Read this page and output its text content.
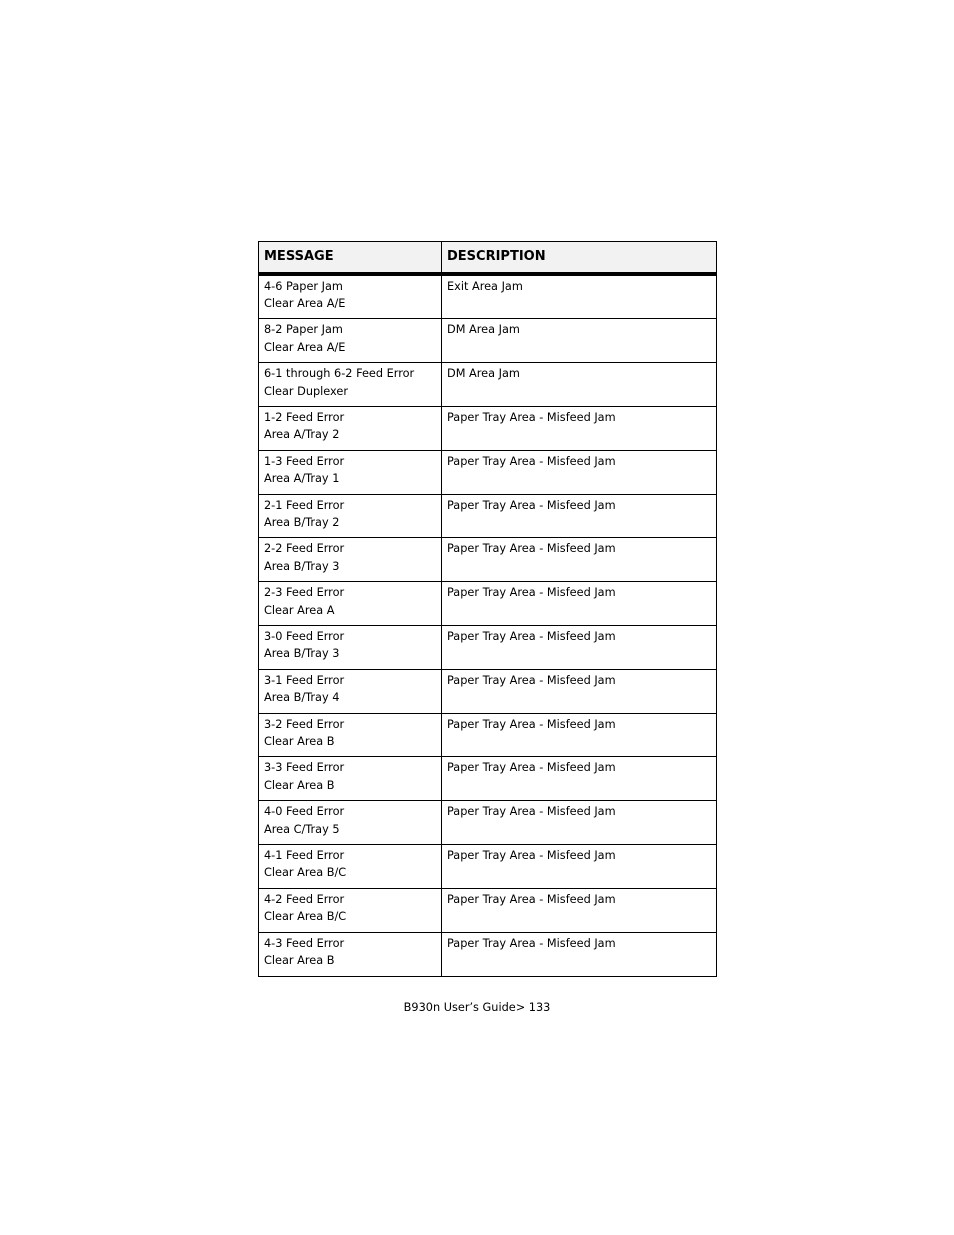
MESSAGE	DESCRIPTION

4-6 Paper Jam
Clear Area A/E	Exit Area Jam

8-2 Paper Jam
Clear Area A/E	DM Area Jam

6-1 through 6-2 Feed Error
Clear Duplexer	DM Area Jam

1-2 Feed Error
Area A/Tray 2	Paper Tray Area - Misfeed Jam

1-3 Feed Error
Area A/Tray 1	Paper Tray Area - Misfeed Jam

2-1 Feed Error
Area B/Tray 2	Paper Tray Area - Misfeed Jam

2-2 Feed Error
Area B/Tray 3	Paper Tray Area - Misfeed Jam

2-3 Feed Error
Clear Area A	Paper Tray Area - Misfeed Jam

3-0 Feed Error
Area B/Tray 3	Paper Tray Area - Misfeed Jam

3-1 Feed Error
Area B/Tray 4	Paper Tray Area - Misfeed Jam

3-2 Feed Error
Clear Area B	Paper Tray Area - Misfeed Jam

3-3 Feed Error
Clear Area B	Paper Tray Area - Misfeed Jam

4-0 Feed Error
Area C/Tray 5	Paper Tray Area - Misfeed Jam

4-1 Feed Error
Clear Area B/C	Paper Tray Area - Misfeed Jam

4-2 Feed Error
Clear Area B/C	Paper Tray Area - Misfeed Jam

4-3 Feed Error
Clear Area B	Paper Tray Area - Misfeed Jam
B930n User’s Guide> 133
